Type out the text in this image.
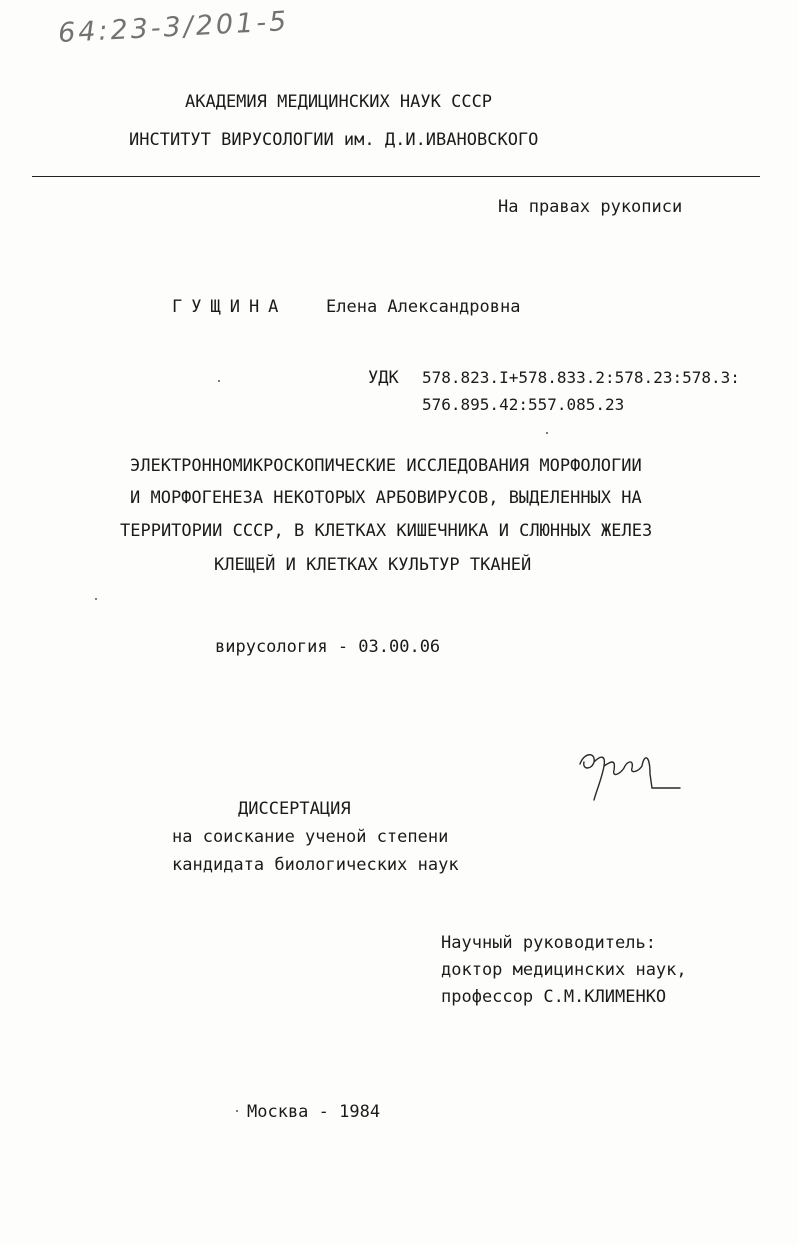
64:23-3/201-5
АКАДЕМИЯ МЕДИЦИНСКИХ НАУК СССР
ИНСТИТУТ ВИРУСОЛОГИИ им. Д.И.ИВАНОВСКОГО
На правах рукописи
ГУЩИНА Елена Александровна
УДК 578.823.I+578.833.2:578.23:578.3:
576.895.42:557.085.23
ЭЛЕКТРОННОМИКРОСКОПИЧЕСКИЕ ИССЛЕДОВАНИЯ МОРФОЛОГИИ
И МОРФОГЕНЕЗА НЕКОТОРЫХ АРБОВИРУСОВ, ВЫДЕЛЕННЫХ НА
ТЕРРИТОРИИ СССР, В КЛЕТКАХ КИШЕЧНИКА И СЛЮННЫХ ЖЕЛЕЗ
КЛЕЩЕЙ И КЛЕТКАХ КУЛЬТУР ТКАНЕЙ
вирусология - 03.00.06
ДИССЕРТАЦИЯ
на соискание ученой степени
кандидата биологических наук
Научный руководитель:
доктор медицинских наук,
профессор С.М.КЛИМЕНКО
Москва - 1984
